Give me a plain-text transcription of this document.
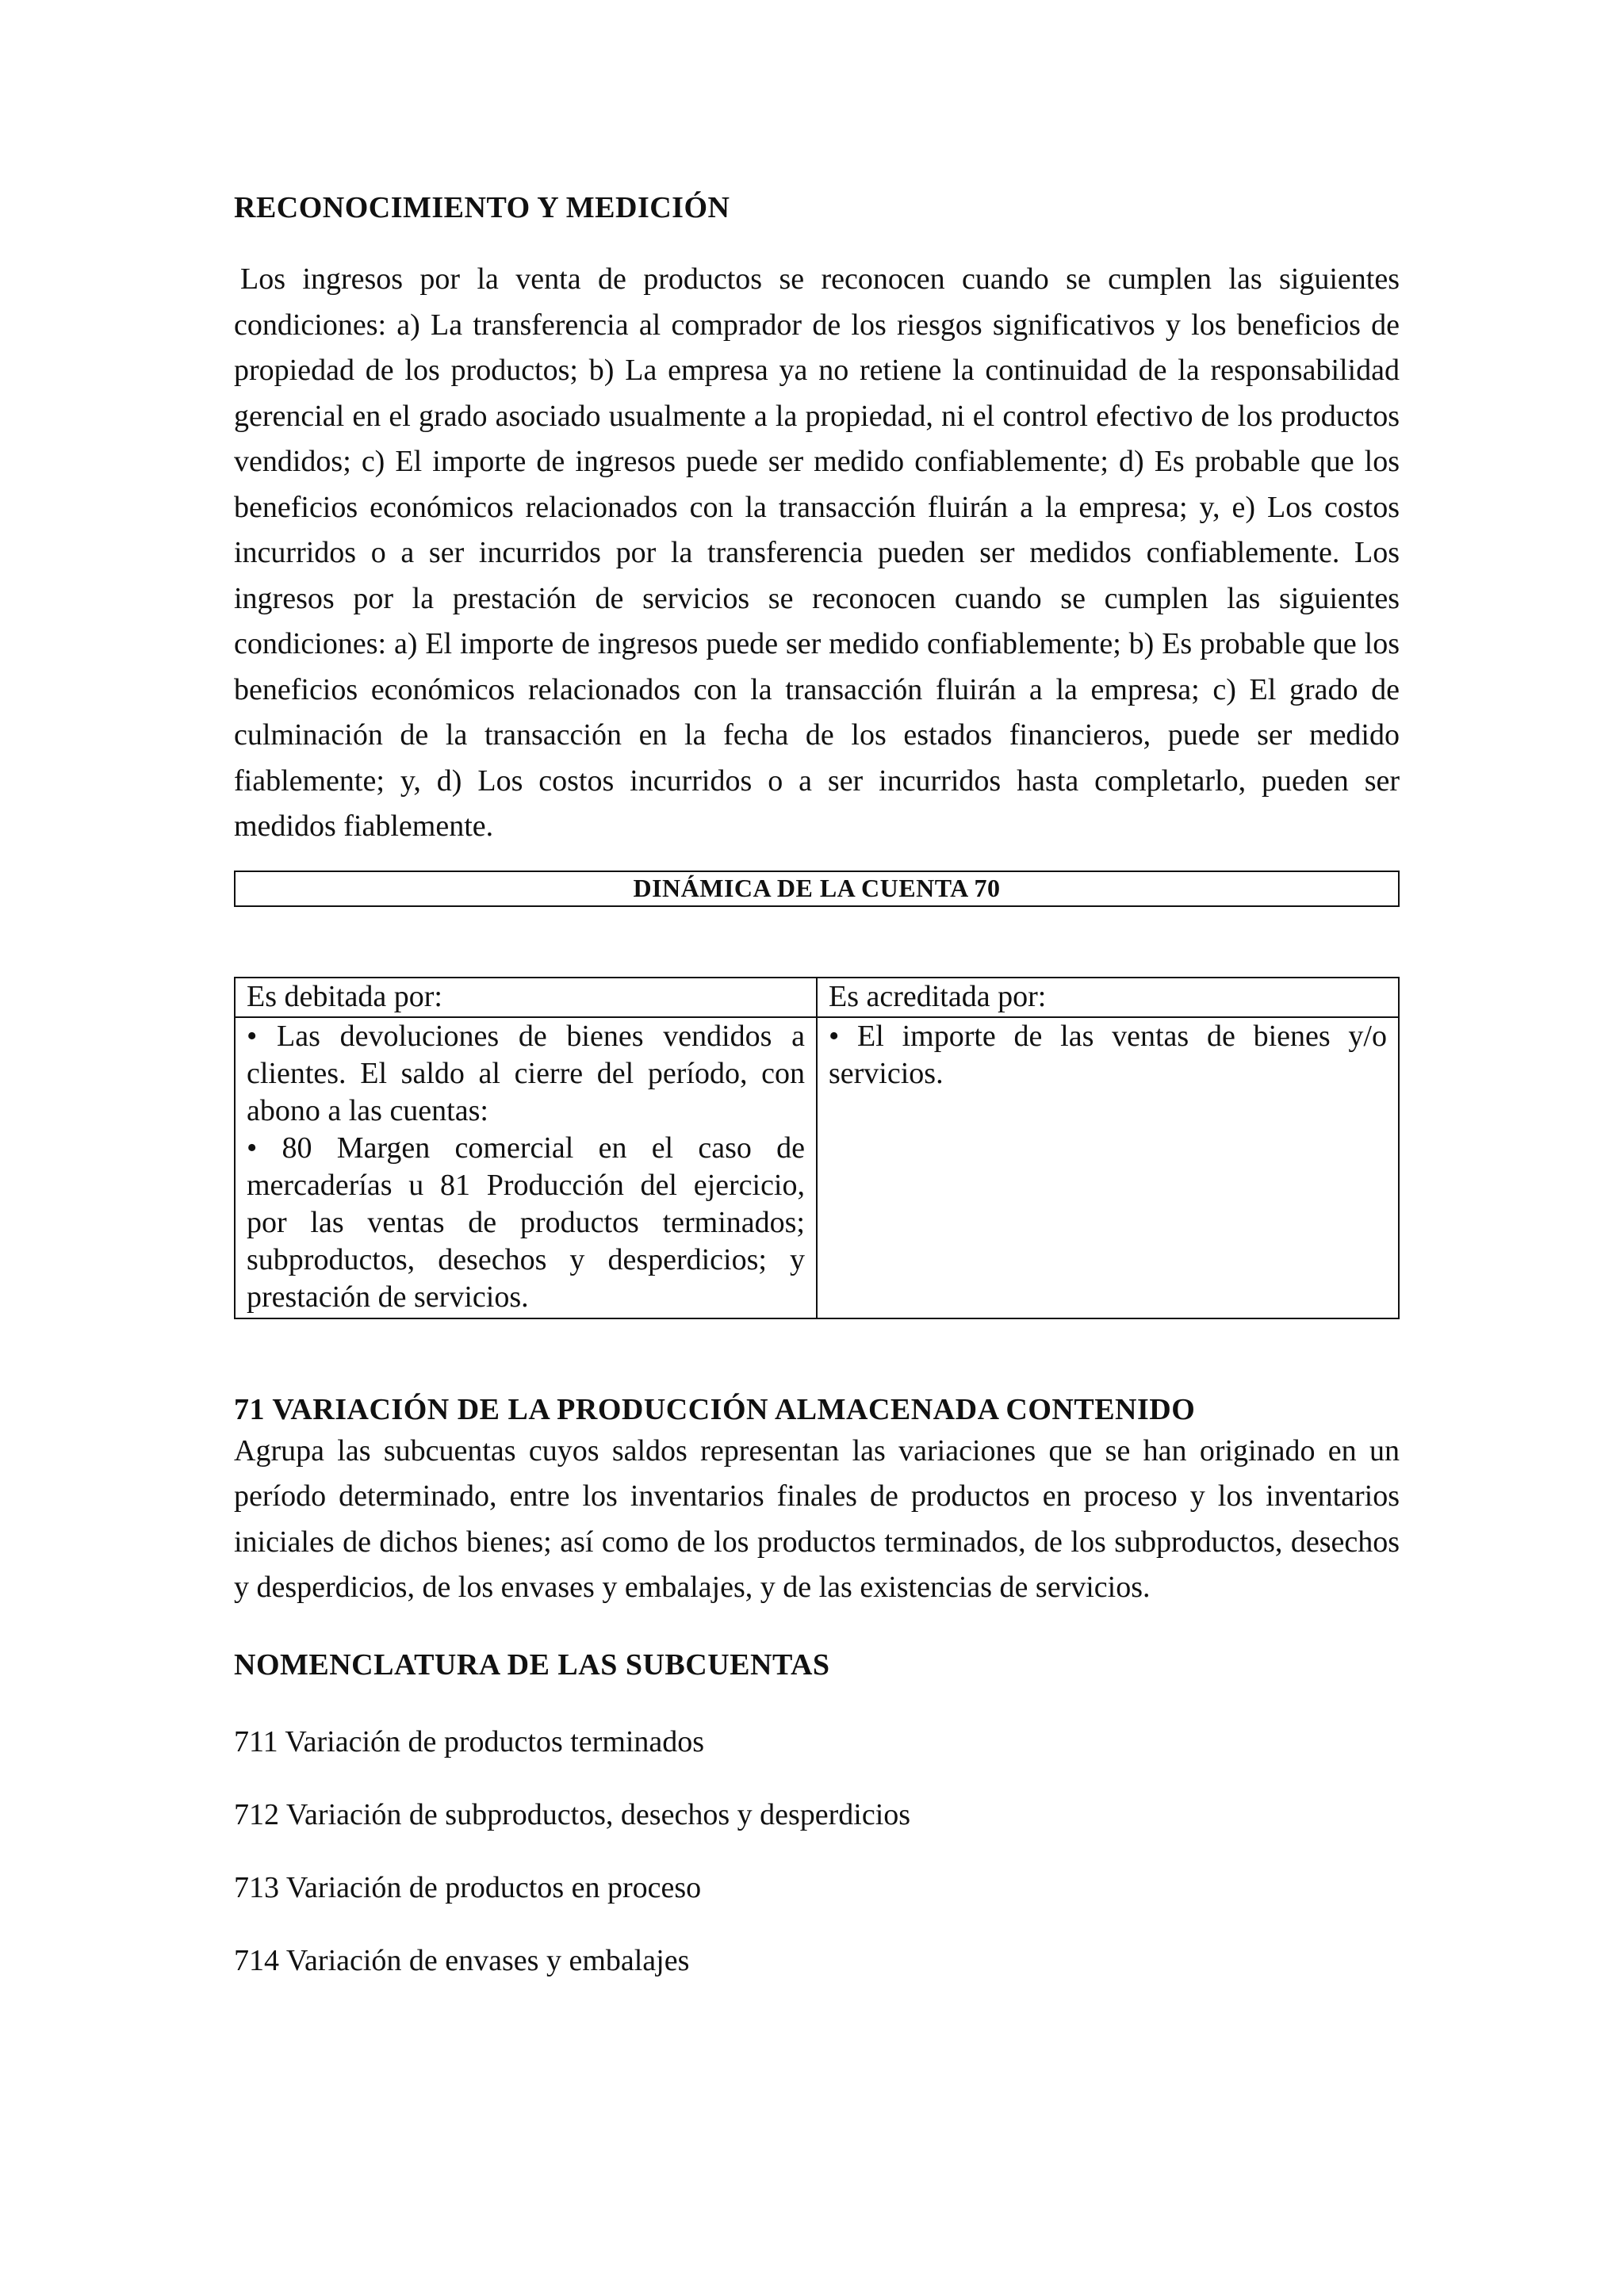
RECONOCIMIENTO Y MEDICIÓN

Los ingresos por la venta de productos se reconocen cuando se cumplen las siguientes condiciones: a) La transferencia al comprador de los riesgos significativos y los beneficios de propiedad de los productos; b) La empresa ya no retiene la continuidad de la responsabilidad gerencial en el grado asociado usualmente a la propiedad, ni el control efectivo de los productos vendidos; c) El importe de ingresos puede ser medido confiablemente; d) Es probable que los beneficios económicos relacionados con la transacción fluirán a la empresa; y, e) Los costos incurridos o a ser incurridos por la transferencia pueden ser medidos confiablemente. Los ingresos por la prestación de servicios se reconocen cuando se cumplen las siguientes condiciones: a) El importe de ingresos puede ser medido confiablemente; b) Es probable que los beneficios económicos relacionados con la transacción fluirán a la empresa; c) El grado de culminación de la transacción en la fecha de los estados financieros, puede ser medido fiablemente; y, d) Los costos incurridos o a ser incurridos hasta completarlo, pueden ser medidos fiablemente.

DINÁMICA DE LA CUENTA 70
Es debitada por:	Es acreditada por:

• Las devoluciones de bienes vendidos a clientes. El saldo al cierre del período, con abono a las cuentas:
• 80 Margen comercial en el caso de mercaderías u 81 Producción del ejercicio, por las ventas de productos terminados; subproductos, desechos y desperdicios; y prestación de servicios.	• El importe de las ventas de bienes y/o servicios.
71 VARIACIÓN DE LA PRODUCCIÓN ALMACENADA CONTENIDO

Agrupa las subcuentas cuyos saldos representan las variaciones que se han originado en un período determinado, entre los inventarios finales de productos en proceso y los inventarios iniciales de dichos bienes; así como de los productos terminados, de los subproductos, desechos y desperdicios, de los envases y embalajes, y de las existencias de servicios.

NOMENCLATURA DE LAS SUBCUENTAS
711 Variación de productos terminados
712 Variación de subproductos, desechos y desperdicios
713 Variación de productos en proceso
714 Variación de envases y embalajes
